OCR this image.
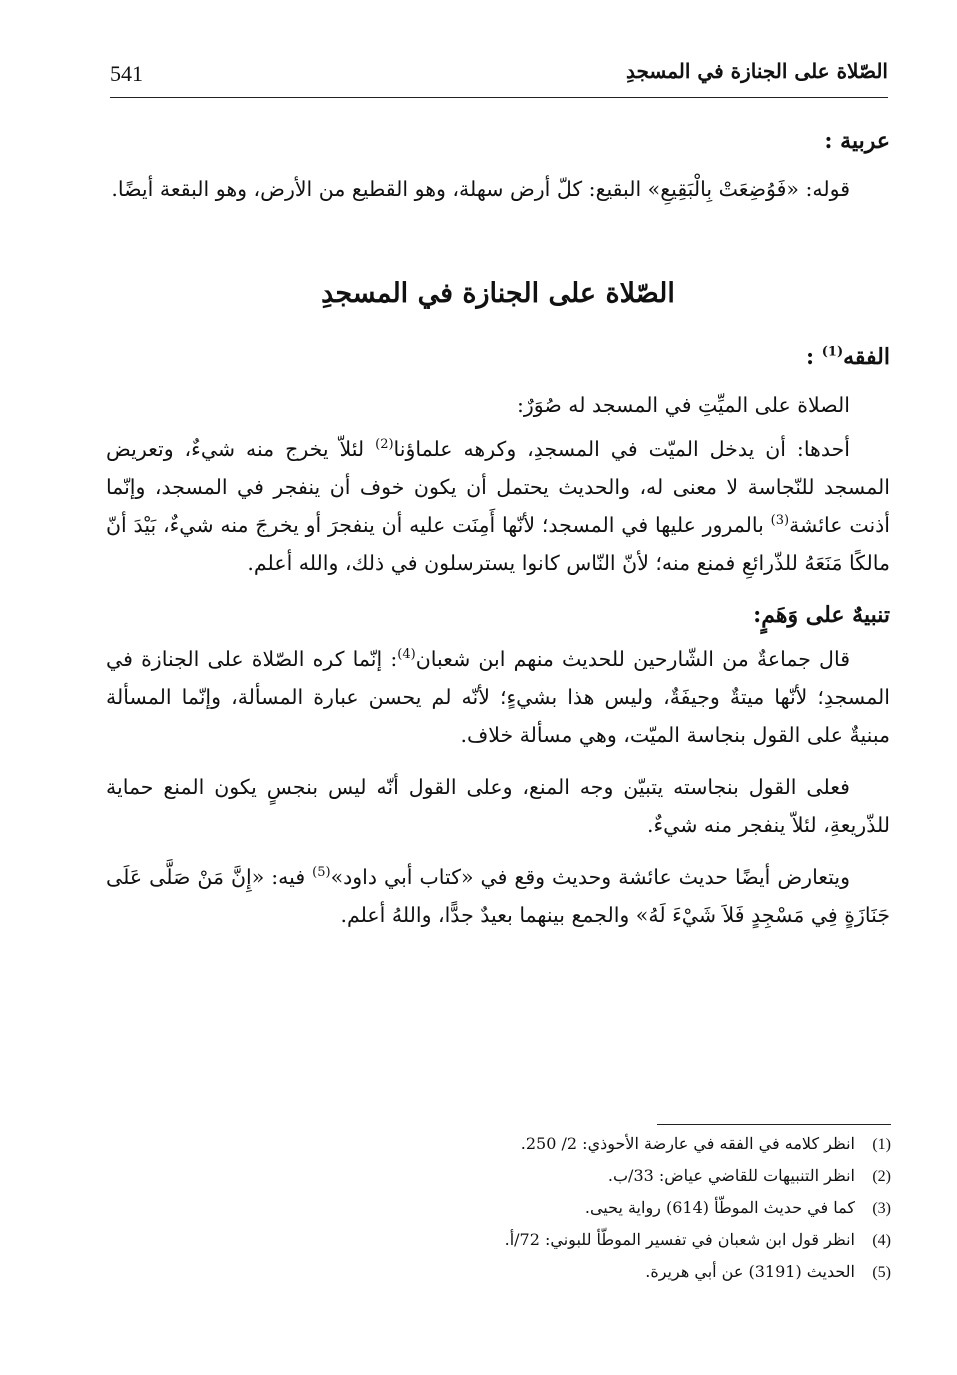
541	الصّلاة على الجنازة في المسجدِ

عربية :

قوله: «فَوُضِعَتْ بِالْبَقِيعِ» البقيع: كلّ أرض سهلة، وهو القطيع من الأرض، وهو البقعة أيضًا.

الصّلاة على الجنازة في المسجدِ

الفقه$^{(1)}$ :

الصلاة على الميِّتِ في المسجد له صُوَرٌ:

أحدها: أن يدخل الميّت في المسجدِ، وكرهه علماؤنا$^{(2)}$ لئلاّ يخرج منه شيءٌ، وتعريض المسجد للنّجاسة لا معنى له، والحديث يحتمل أن يكون خوف أن ينفجر في المسجد، وإنّما أذنت عائشة$^{(3)}$ بالمرور عليها في المسجد؛ لأنّها أَمِنَت عليه أن ينفجرَ أو يخرجَ منه شيءٌ، بَيْدَ أنّ مالكًا مَنَعَهُ للذّرائعِ فمنع منه؛ لأنّ النّاس كانوا يسترسلون في ذلك، والله أعلم.

تنبيهٌ على وَهَمٍ:

قال جماعةٌ من الشّارحين للحديث منهم ابن شعبان$^{(4)}$: إنّما كره الصّلاة على الجنازة في المسجدِ؛ لأنّها ميتةٌ وجيفَةٌ، وليس هذا بشيءٍ؛ لأنّه لم يحسن عبارة المسألة، وإنّما المسألة مبنيةٌ على القول بنجاسة الميّت، وهي مسألة خلاف.

فعلى القول بنجاسته يتبيّن وجه المنع، وعلى القول أنّه ليس بنجسٍ يكون المنع حماية للذّريعةِ، لئلاّ ينفجر منه شيءٌ.

ويتعارض أيضًا حديث عائشة وحديث وقع في «كتاب أبي داود»$^{(5)}$ فيه: «إِنَّ مَنْ صَلَّى عَلَى جَنَازَةٍ فِي مَسْجِدٍ فَلاَ شَيْءَ لَهُ» والجمع بينهما بعيدٌ جدًّا، واللهُ أعلم.

(1)انظر كلامه في الفقه في عارضة الأحوذي: 2/ 250.
(2)انظر التنبيهات للقاضي عياض: 33/ب.
(3)كما في حديث الموطّأ (614) رواية يحيى.
(4)انظر قول ابن شعبان في تفسير الموطّأ للبوني: 72/أ.
(5)الحديث (3191) عن أبي هريرة.
